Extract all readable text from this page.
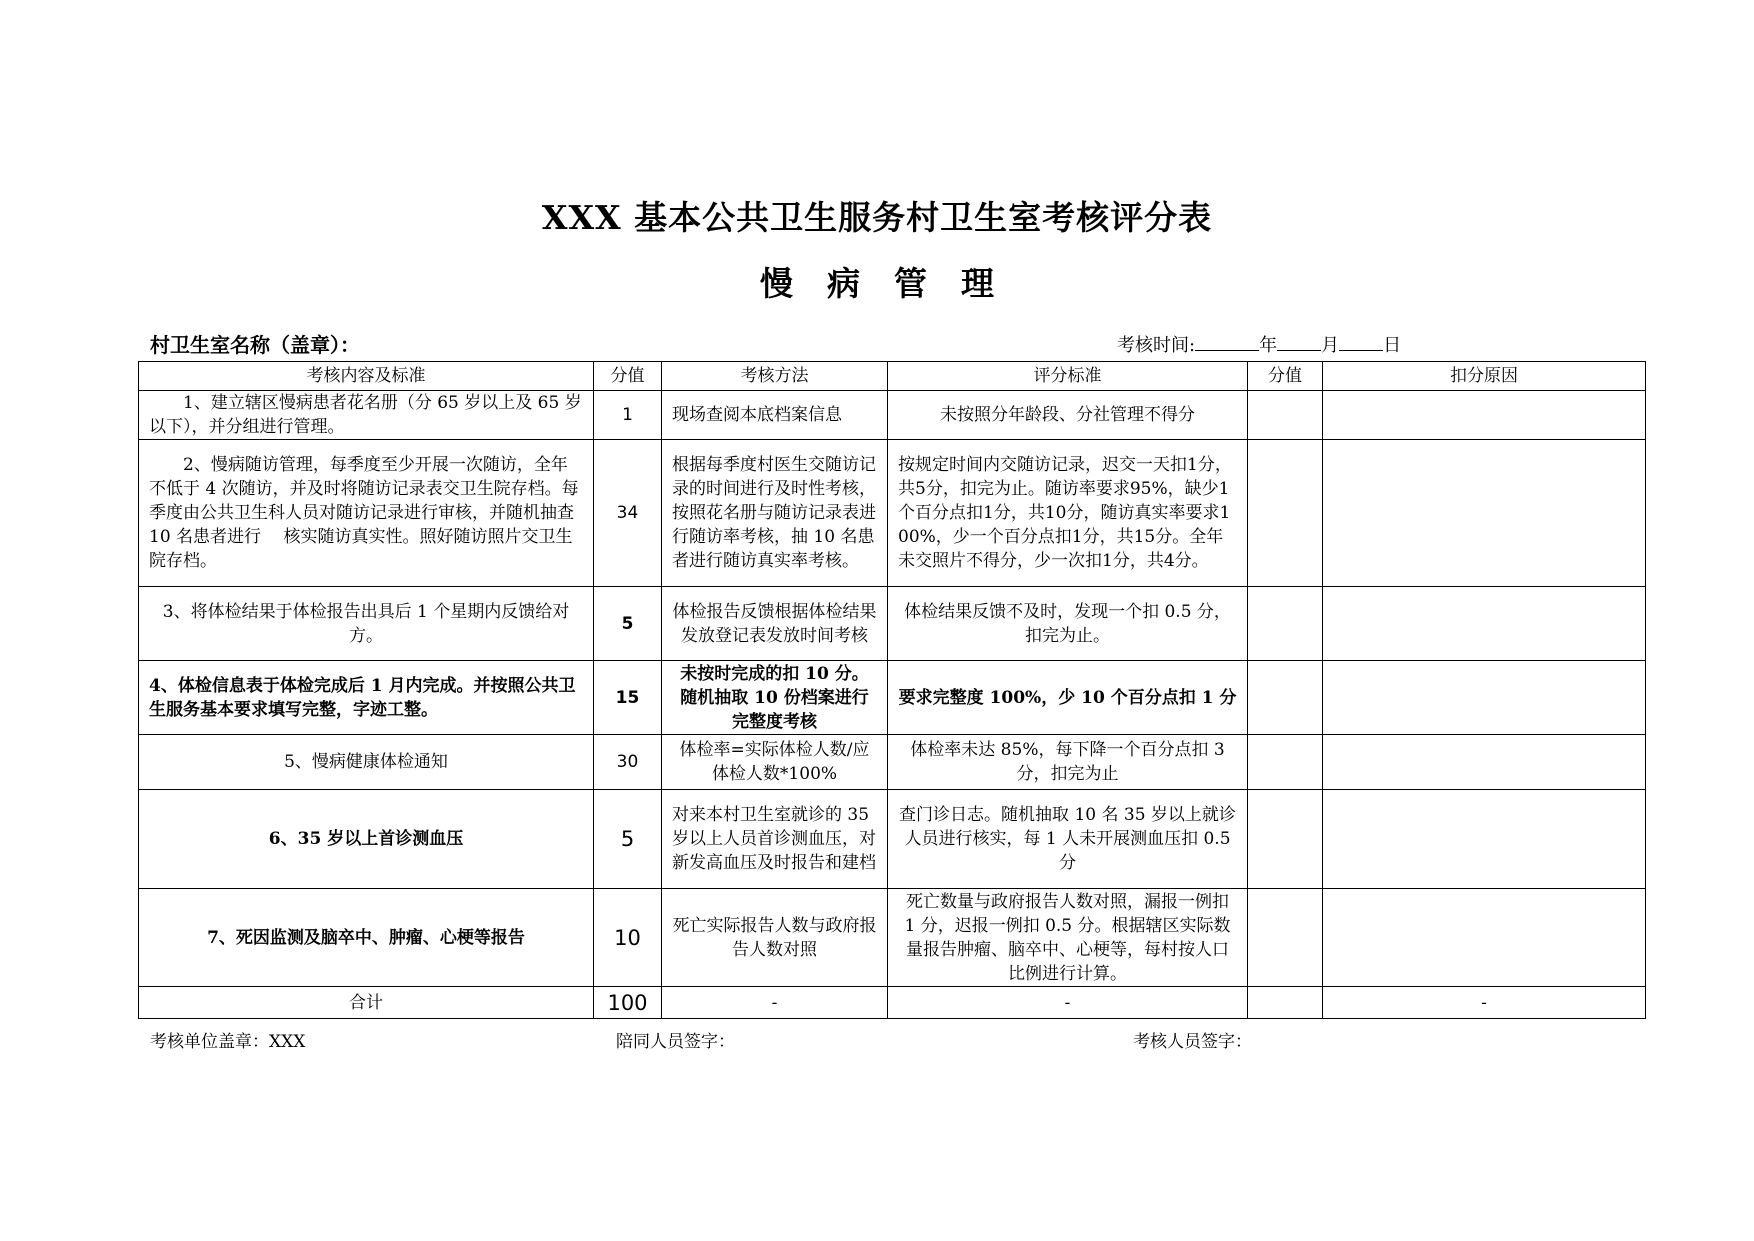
XXX 基本公共卫生服务村卫生室考核评分表
慢病管理
村卫生室名称（盖章）：	考核时间:	年 月 日
考核内容及标准	分值	考核方法	评分标准	分值	扣分原因
1、建立辖区慢病患者花名册（分 65 岁以上及 65 岁以下），并分组进行管理。	1	现场查阅本底档案信息	未按照分年龄段、分社管理不得分		
2、慢病随访管理，每季度至少开展一次随访，全年不低于 4 次随访，并及时将随访记录表交卫生院存档。每季度由公共卫生科人员对随访记录进行审核，并随机抽查 10 名患者进行　 核实随访真实性。照好随访照片交卫生院存档。	34	根据每季度村医生交随访记录的时间进行及时性考核，按照花名册与随访记录表进行随访率考核，抽 10 名患者进行随访真实率考核。	按规定时间内交随访记录，迟交一天扣1分，共5分，扣完为止。随访率要求95%，缺少1个百分点扣1分，共10分，随访真实率要求100%，少一个百分点扣1分，共15分。全年未交照片不得分，少一次扣1分，共4分。		
3、将体检结果于体检报告出具后 1 个星期内反馈给对方。	5	体检报告反馈根据体检结果发放登记表发放时间考核	体检结果反馈不及时，发现一个扣 0.5 分，扣完为止。		
4、体检信息表于体检完成后 1 月内完成。并按照公共卫生服务基本要求填写完整，字迹工整。	15	未按时完成的扣 10 分。随机抽取 10 份档案进行完整度考核	要求完整度 100%，少 10 个百分点扣 1 分		
5、慢病健康体检通知	30	体检率=实际体检人数/应体检人数*100%	体检率未达 85%，每下降一个百分点扣 3 分，扣完为止		
6、35 岁以上首诊测血压	5	对来本村卫生室就诊的 35 岁以上人员首诊测血压，对新发高血压及时报告和建档	查门诊日志。随机抽取 10 名 35 岁以上就诊人员进行核实，每 1 人未开展测血压扣 0.5 分		
7、死因监测及脑卒中、肿瘤、心梗等报告	10	死亡实际报告人数与政府报告人数对照	死亡数量与政府报告人数对照，漏报一例扣 1 分，迟报一例扣 0.5 分。根据辖区实际数量报告肿瘤、脑卒中、心梗等，每村按人口比例进行计算。		
合计	100	-	-		-
考核单位盖章：XXX	陪同人员签字：	考核人员签字：
